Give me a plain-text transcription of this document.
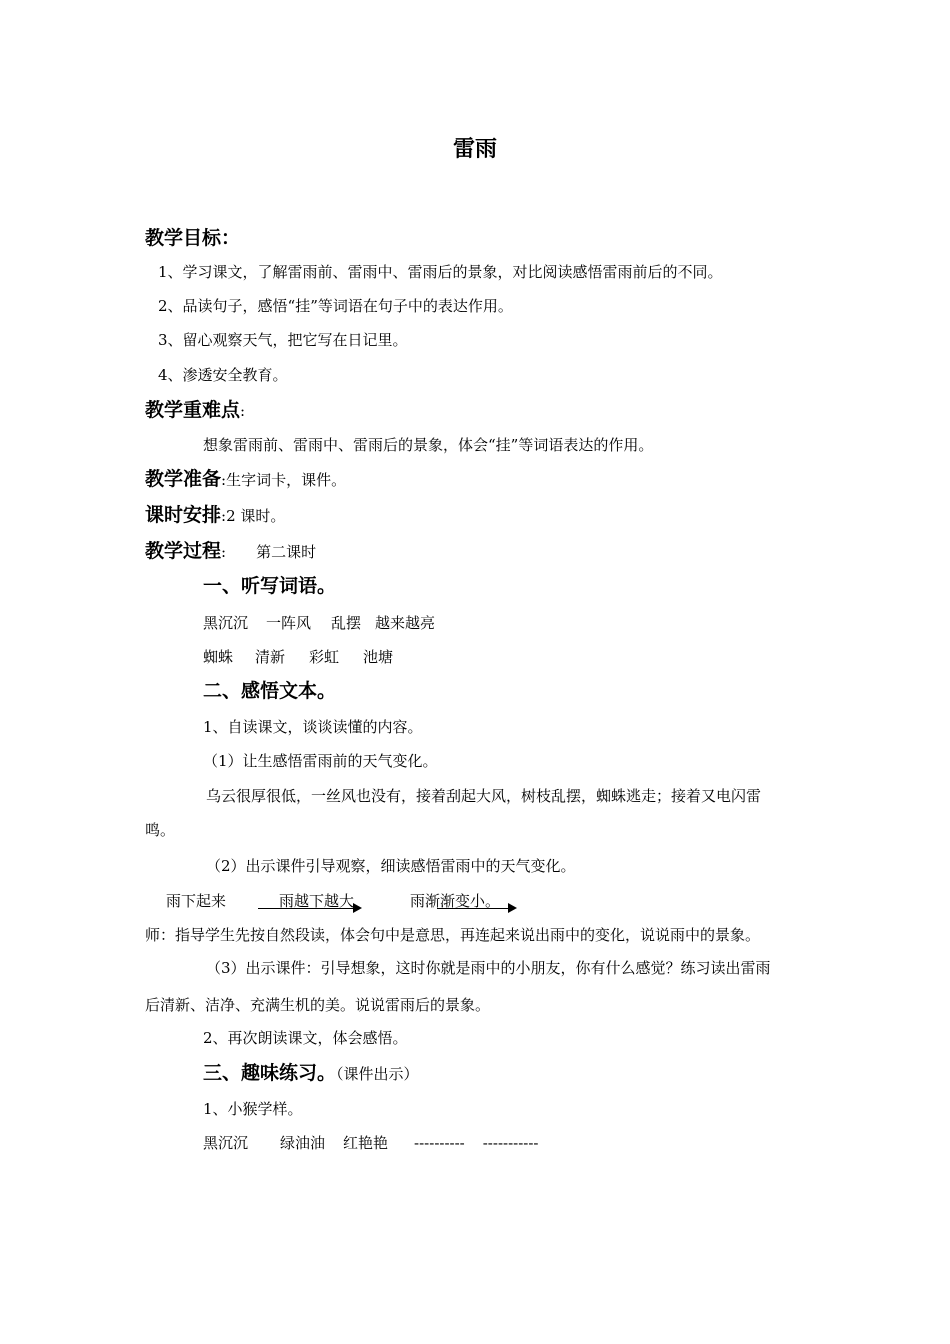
雷雨
教学目标：
1、学习课文，了解雷雨前、雷雨中、雷雨后的景象，对比阅读感悟雷雨前后的不同。
2、品读句子，感悟“挂”等词语在句子中的表达作用。
3、留心观察天气，把它写在日记里。
4、渗透安全教育。
教学重难点:
想象雷雨前、雷雨中、雷雨后的景象，体会“挂”等词语表达的作用。
教学准备:生字词卡，课件。
课时安排:2 课时。
教学过程: 第二课时
一、听写词语。
黑沉沉 一阵风 乱摆 越来越亮
蜘蛛 清新 彩虹 池塘
二、感悟文本。
1、自读课文，谈谈读懂的内容。
（1）让生感悟雷雨前的天气变化。
乌云很厚很低，一丝风也没有，接着刮起大风，树枝乱摆，蜘蛛逃走；接着又电闪雷
鸣。
（2）出示课件引导观察，细读感悟雷雨中的天气变化。
雨下起来	雨越下越大	雨渐渐变小。
师：指导学生先按自然段读，体会句中是意思，再连起来说出雨中的变化，说说雨中的景象。
（3）出示课件：引导想象，这时你就是雨中的小朋友，你有什么感觉？练习读出雷雨
后清新、洁净、充满生机的美。说说雷雨后的景象。
2、再次朗读课文，体会感悟。
三、趣味练习。（课件出示）
1、小猴学样。
黑沉沉 绿油油 红艳艳 ---------- -----------
